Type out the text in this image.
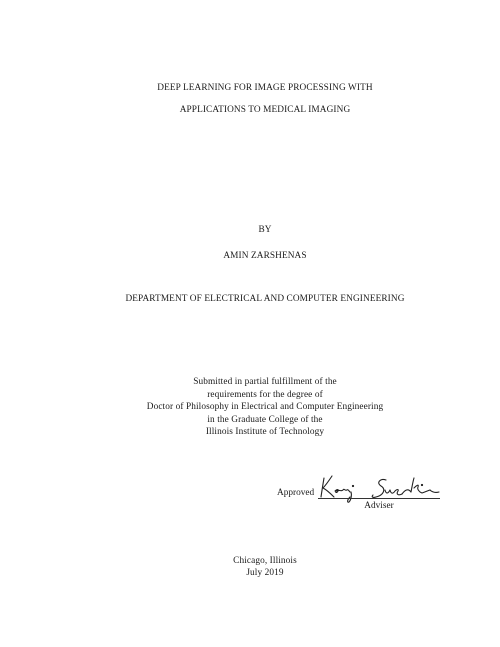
DEEP LEARNING FOR IMAGE PROCESSING WITH
APPLICATIONS TO MEDICAL IMAGING
BY
AMIN ZARSHENAS
DEPARTMENT OF ELECTRICAL AND COMPUTER ENGINEERING
Submitted in partial fulfillment of the
requirements for the degree of
Doctor of Philosophy in Electrical and Computer Engineering
in the Graduate College of the
Illinois Institute of Technology
Approved
Adviser
Chicago, Illinois
July 2019
